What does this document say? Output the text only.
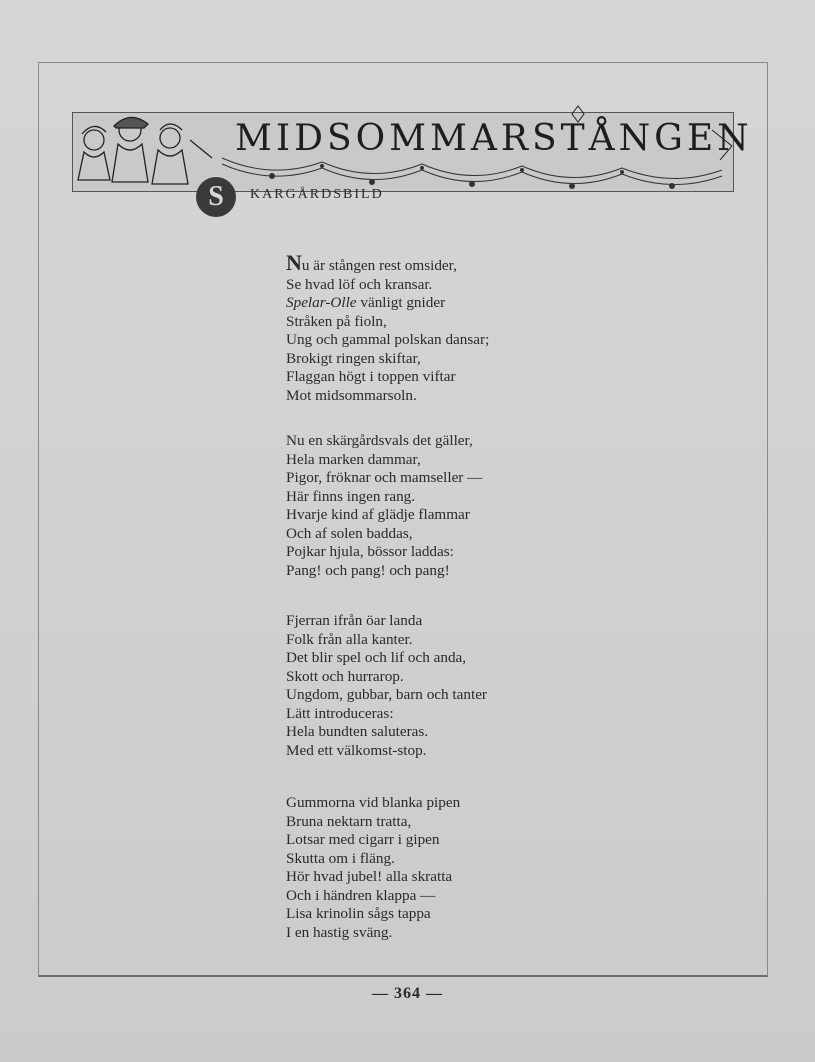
MIDSOMMARSTÅNGEN
S	KARGÅRDSBILD
Nu är stången rest omsider,
Se hvad löf och kransar.
Spelar-Olle vänligt gnider
Stråken på fioln,
Ung och gammal polskan dansar;
Brokigt ringen skiftar,
Flaggan högt i toppen viftar
Mot midsommarsoln.
Nu en skärgårdsvals det gäller,
Hela marken dammar,
Pigor, fröknar och mamseller —
Här finns ingen rang.
Hvarje kind af glädje flammar
Och af solen baddas,
Pojkar hjula, bössor laddas:
Pang! och pang! och pang!
Fjerran ifrån öar landa
Folk från alla kanter.
Det blir spel och lif och anda,
Skott och hurrarop.
Ungdom, gubbar, barn och tanter
Lätt introduceras:
Hela bundten saluteras.
Med ett välkomst-stop.
Gummorna vid blanka pipen
Bruna nektarn tratta,
Lotsar med cigarr i gipen
Skutta om i fläng.
Hör hvad jubel! alla skratta
Och i händren klappa —
Lisa krinolin sågs tappa
I en hastig sväng.
— 364 —
